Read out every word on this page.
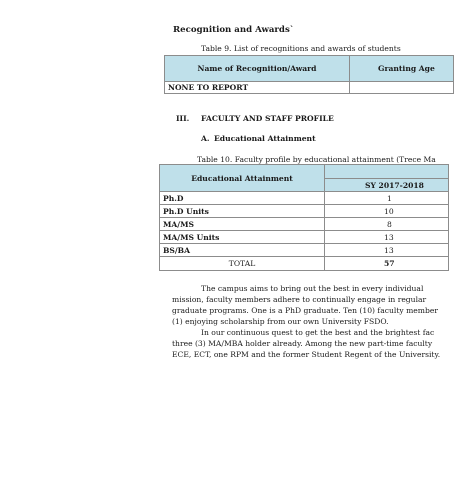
Recognition and Awards`
Table 9. List of recognitions and awards of students
Name of Recognition/Award	Granting Age
NONE TO REPORT	
III. FACULTY AND STAFF PROFILE
A. Educational Attainment
Table 10. Faculty profile by educational attainment (Trece Ma
Educational Attainment	
	SY 2017-2018
Ph.D	1
Ph.D Units	10
MA/MS	8
MA/MS Units	13
BS/BA	13
TOTAL	57
The campus aims to bring out the best in every individual
mission, faculty members adhere to continually engage in regular
graduate programs. One is a PhD graduate. Ten (10) faculty member
(1) enjoying scholarship from our own University FSDO.
In our continuous quest to get the best and the brightest fac
three (3) MA/MBA holder already. Among the new part-time faculty
ECE, ECT, one RPM and the former Student Regent of the University.
